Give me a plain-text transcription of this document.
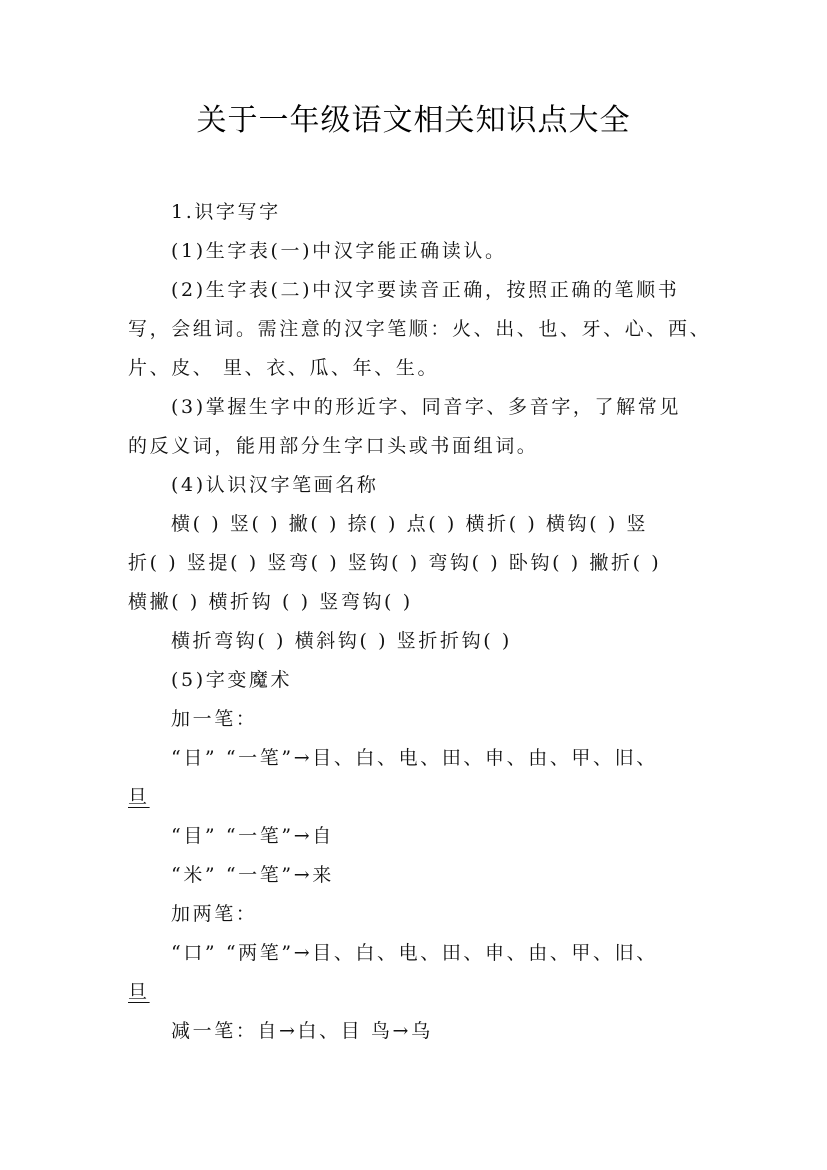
关于一年级语文相关知识点大全
1.识字写字
(1)生字表(一)中汉字能正确读认。
(2)生字表(二)中汉字要读音正确，按照正确的笔顺书
写，会组词。需注意的汉字笔顺：火、出、也、牙、心、西、
片、皮、 里、衣、瓜、年、生。
(3)掌握生字中的形近字、同音字、多音字，了解常见
的反义词，能用部分生字口头或书面组词。
(4)认识汉字笔画名称
横( ) 竖( ) 撇( ) 捺( ) 点( ) 横折( ) 横钩( ) 竖
折( ) 竖提( ) 竖弯( ) 竖钩( ) 弯钩( ) 卧钩( ) 撇折( )
横撇( ) 横折钩 ( ) 竖弯钩( )
横折弯钩( ) 横斜钩( ) 竖折折钩( )
(5)字变魔术
加一笔：
“日” “一笔”→目、白、电、田、申、由、甲、旧、
旦
“目” “一笔”→自
“米” “一笔”→来
加两笔：
“口” “两笔”→目、白、电、田、申、由、甲、旧、
旦
减一笔：自→白、目 鸟→乌
